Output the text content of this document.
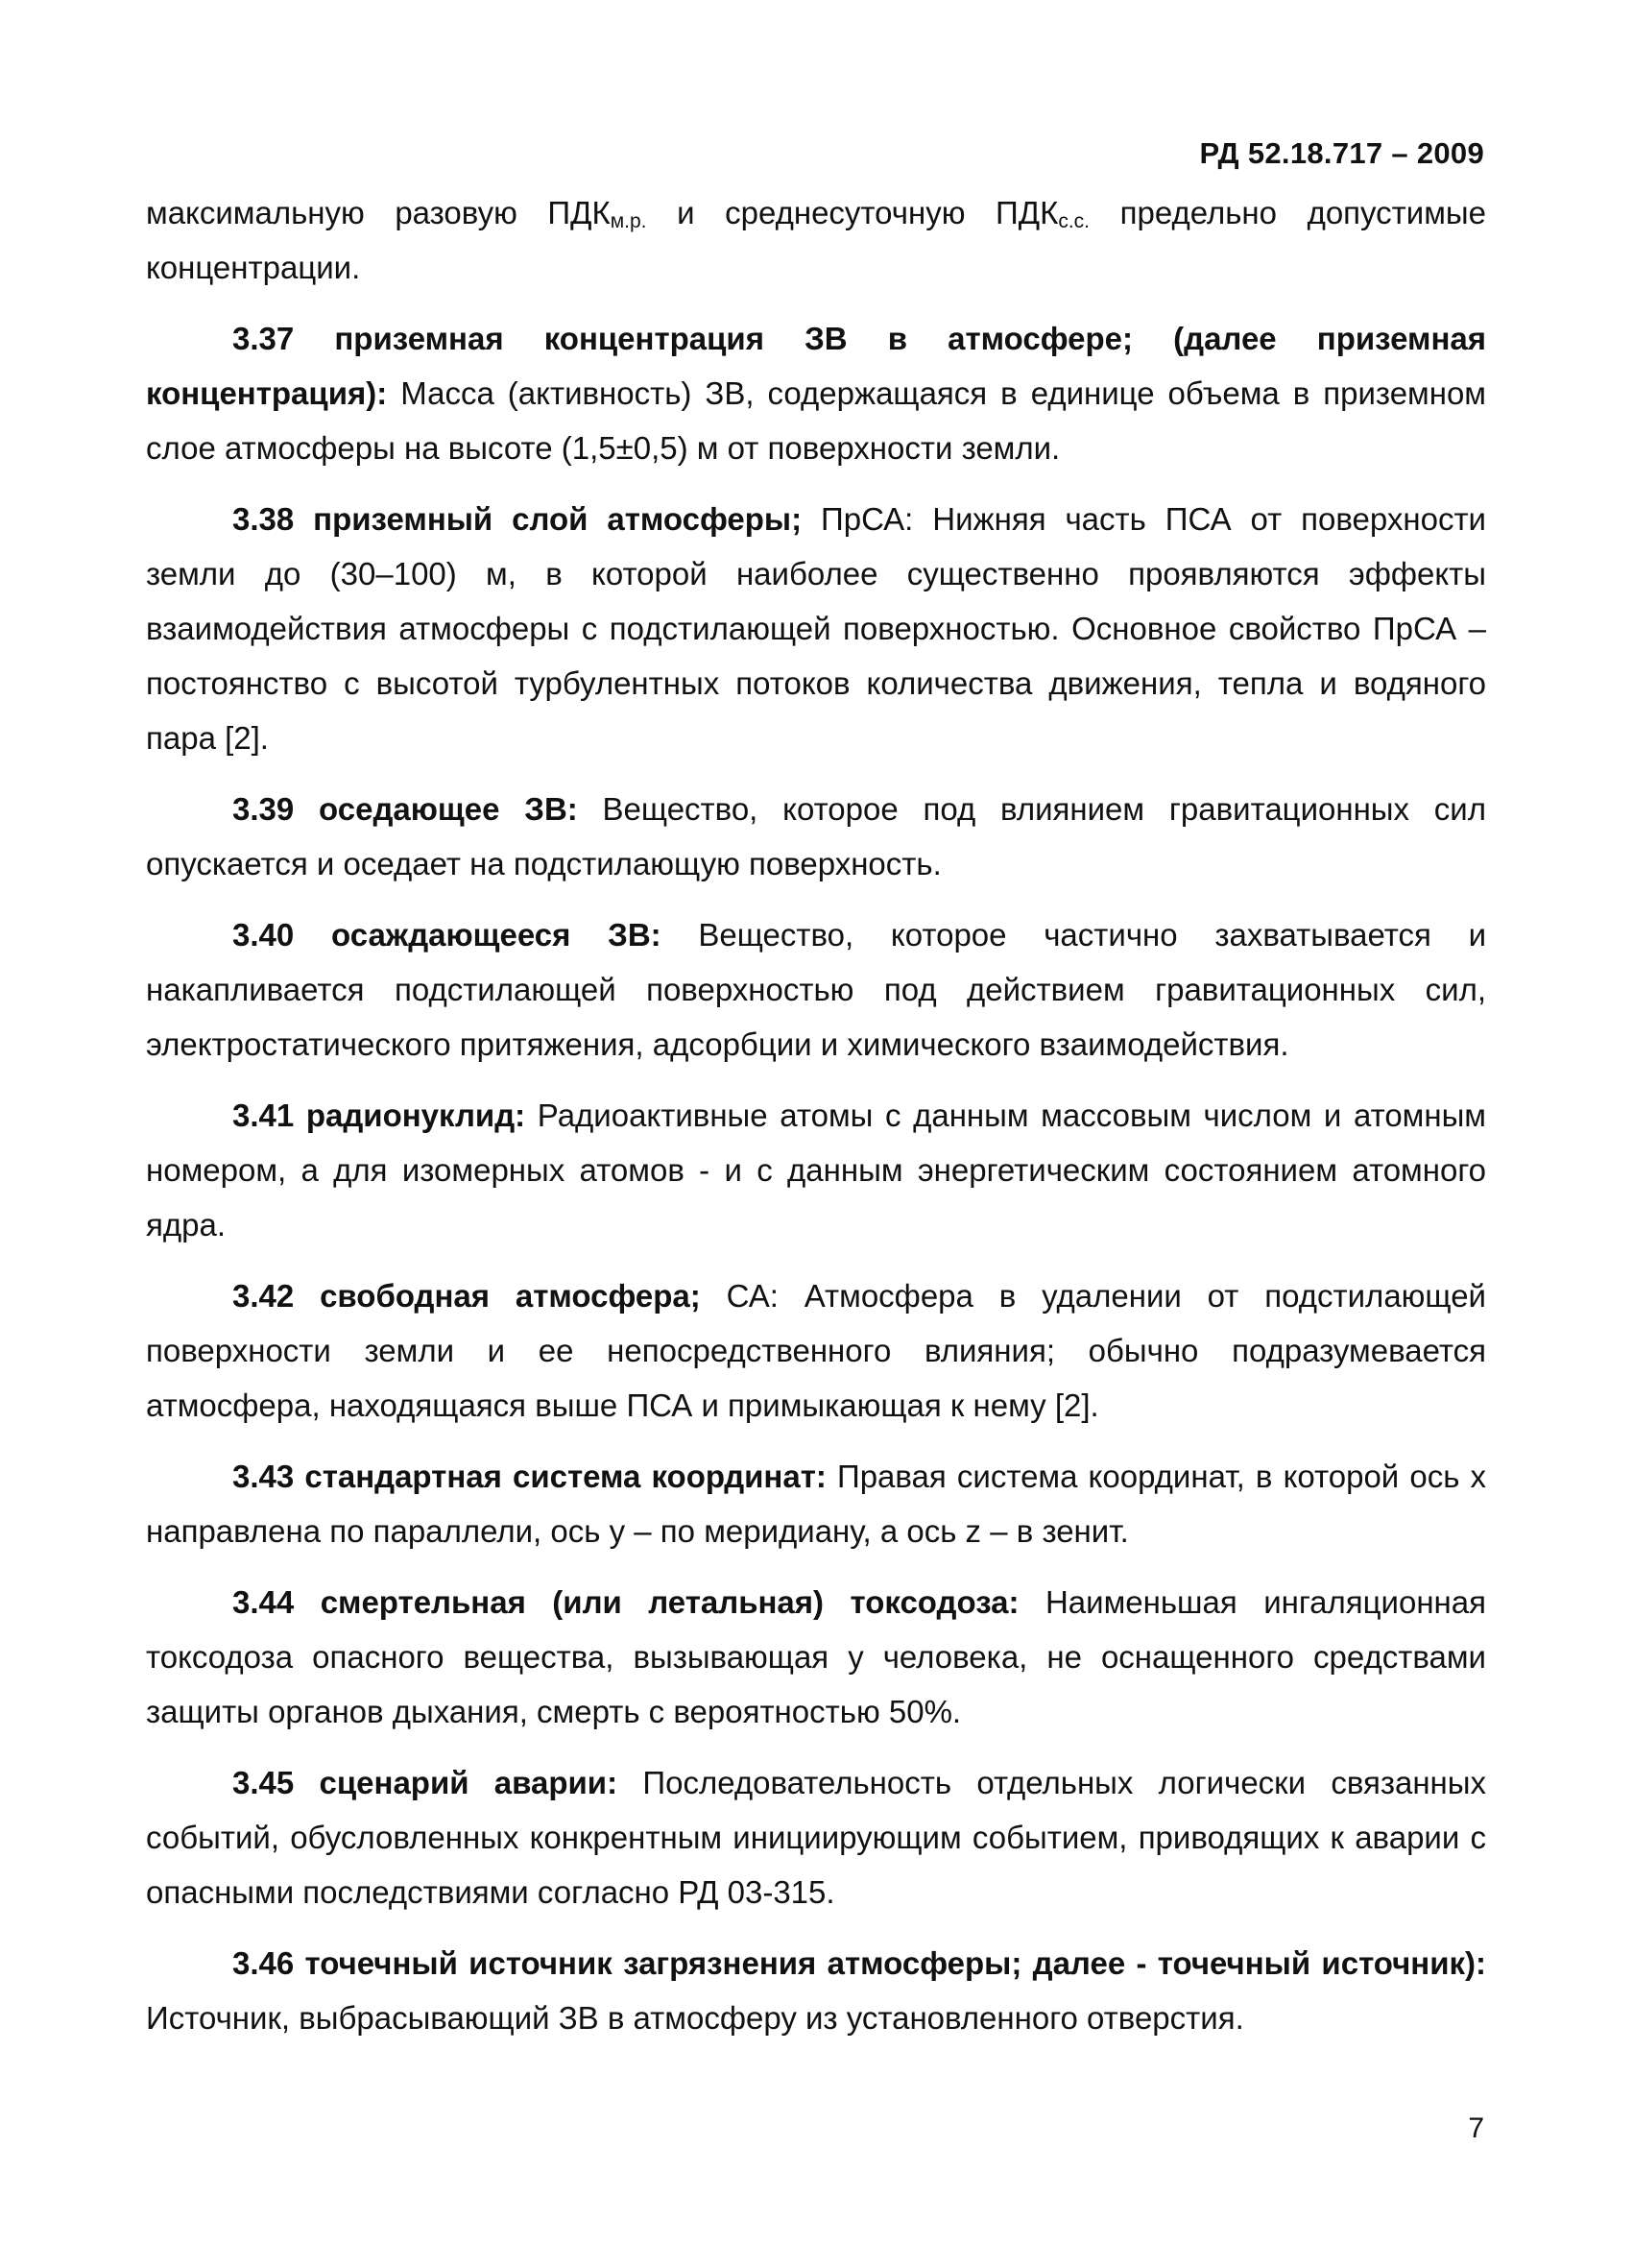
РД 52.18.717 – 2009

максимальную разовую $ПДК_{м.р.}$ и среднесуточную $ПДК_{с.с.}$ предельно допустимые концентрации.

3.37 приземная концентрация ЗВ в атмосфере; (далее приземная концентрация): Масса (активность) ЗВ, содержащаяся в единице объема в приземном слое атмосферы на высоте (1,5±0,5) м от поверхности земли.

3.38 приземный слой атмосферы; ПрСА: Нижняя часть ПСА от поверхности земли до (30–100) м, в которой наиболее существенно проявляются эффекты взаимодействия атмосферы с подстилающей поверхностью. Основное свойство ПрСА – постоянство с высотой турбулентных потоков количества движения, тепла и водяного пара [2].

3.39 оседающее ЗВ: Вещество, которое под влиянием гравитационных сил опускается и оседает на подстилающую поверхность.

3.40 осаждающееся ЗВ: Вещество, которое частично захватывается и накапливается подстилающей поверхностью под действием гравитационных сил, электростатического притяжения, адсорбции и химического взаимодействия.

3.41 радионуклид: Радиоактивные атомы с данным массовым числом и атомным номером, а для изомерных атомов - и с данным энергетическим состоянием атомного ядра.

3.42 свободная атмосфера; СА: Атмосфера в удалении от подстилающей поверхности земли и ее непосредственного влияния; обычно подразумевается атмосфера, находящаяся выше ПСА и примыкающая к нему [2].

3.43 стандартная система координат: Правая система координат, в которой ось x направлена по параллели, ось y – по меридиану, а ось z – в зенит.

3.44 смертельная (или летальная) токсодоза: Наименьшая ингаляционная токсодоза опасного вещества, вызывающая у человека, не оснащенного средствами защиты органов дыхания, смерть с вероятностью 50%.

3.45 сценарий аварии: Последовательность отдельных логически связанных событий, обусловленных конкрентным инициирующим событием, приводящих к аварии с опасными последствиями согласно РД 03-315.

3.46 точечный источник загрязнения атмосферы; далее - точечный источник): Источник, выбрасывающий ЗВ в атмосферу из установленного отверстия.

7
